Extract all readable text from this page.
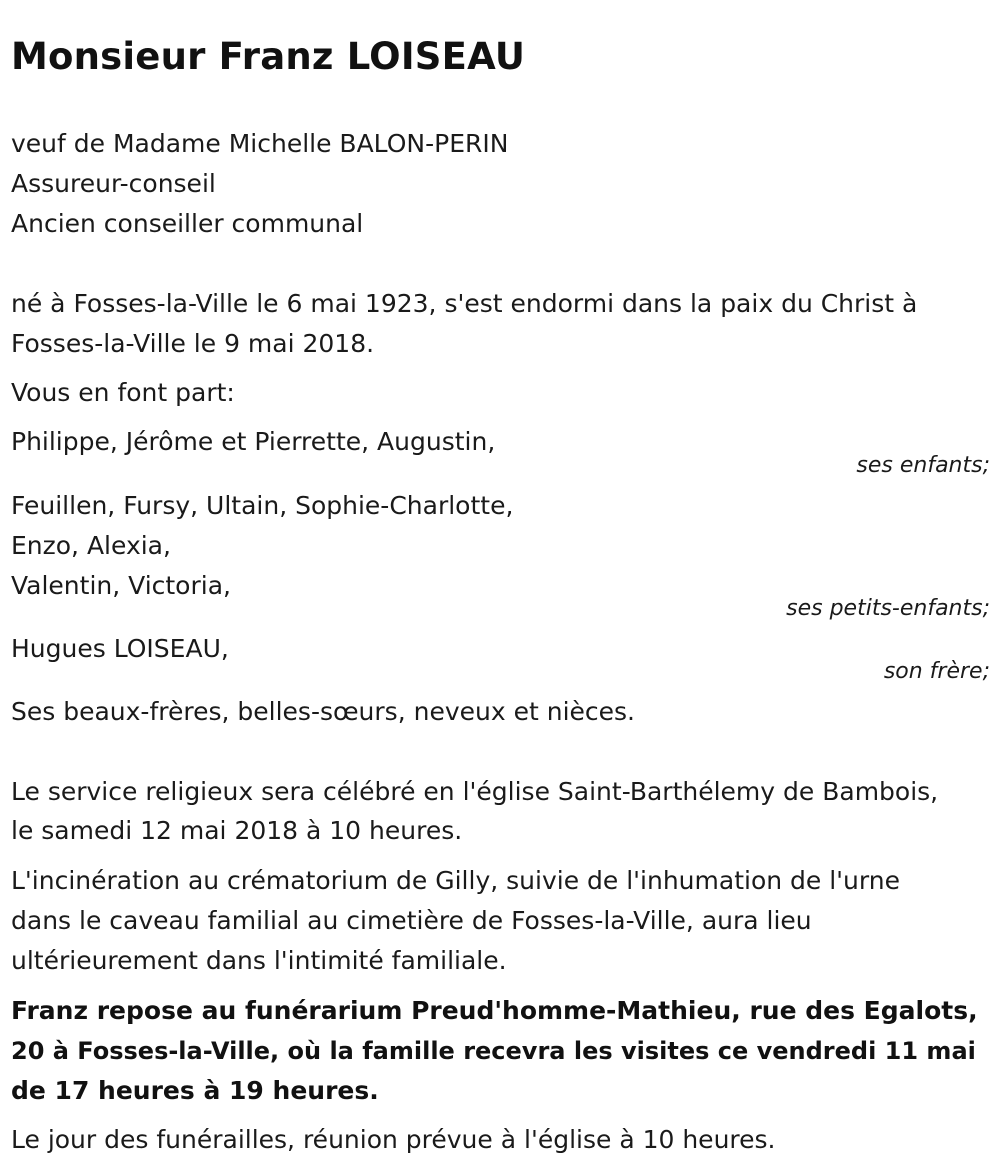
Monsieur Franz LOISEAU

veuf de Madame Michelle BALON-PERIN

Assureur-conseil

Ancien conseiller communal

né à Fosses-la-Ville le 6 mai 1923, s'est endormi dans la paix du Christ à

Fosses-la-Ville le 9 mai 2018.

Vous en font part:

Philippe, Jérôme et Pierrette, Augustin,

ses enfants;

Feuillen, Fursy, Ultain, Sophie-Charlotte,

Enzo, Alexia,

Valentin, Victoria,

ses petits-enfants;

Hugues LOISEAU,

son frère;

Ses beaux-frères, belles-sœurs, neveux et nièces.

Le service religieux sera célébré en l'église Saint-Barthélemy de Bambois,

le samedi 12 mai 2018 à 10 heures.

L'incinération au crématorium de Gilly, suivie de l'inhumation de l'urne

dans le caveau familial au cimetière de Fosses-la-Ville, aura lieu

ultérieurement dans l'intimité familiale.

Franz repose au funérarium Preud'homme-Mathieu, rue des Egalots,

20 à Fosses-la-Ville, où la famille recevra les visites ce vendredi 11 mai

de 17 heures à 19 heures.

Le jour des funérailles, réunion prévue à l'église à 10 heures.
